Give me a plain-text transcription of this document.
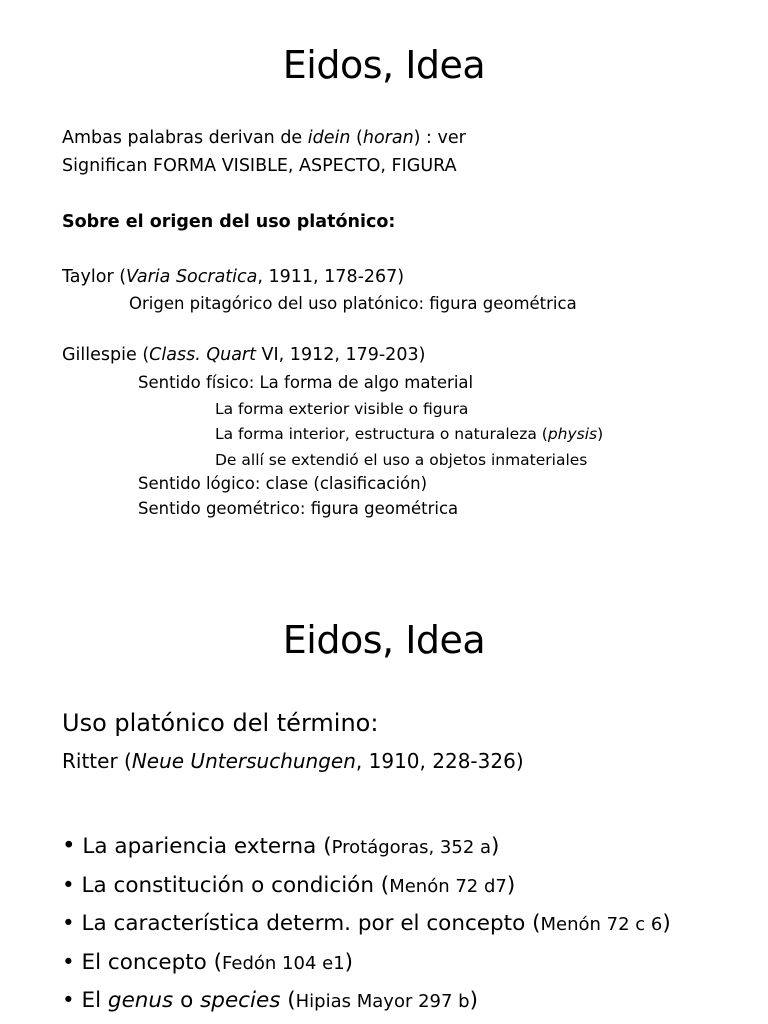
Eidos, Idea
Ambas palabras derivan de idein (horan) : ver
Significan FORMA VISIBLE, ASPECTO, FIGURA
Sobre el origen del uso platónico:
Taylor (Varia Socratica, 1911, 178-267)
Origen pitagórico del uso platónico: figura geométrica
Gillespie (Class. Quart VI, 1912, 179-203)
Sentido físico: La forma de algo material
La forma exterior visible o figura
La forma interior, estructura o naturaleza (physis)
De allí se extendió el uso a objetos inmateriales
Sentido lógico: clase (clasificación)
Sentido geométrico: figura geométrica
Eidos, Idea
Uso platónico del término:
Ritter (Neue Untersuchungen, 1910, 228-326)
• La apariencia externa (Protágoras, 352 a)
• La constitución o condición (Menón 72 d7)
• La característica determ. por el concepto (Menón 72 c 6)
• El concepto (Fedón 104 e1)
• El genus o species (Hipias Mayor 297 b)
